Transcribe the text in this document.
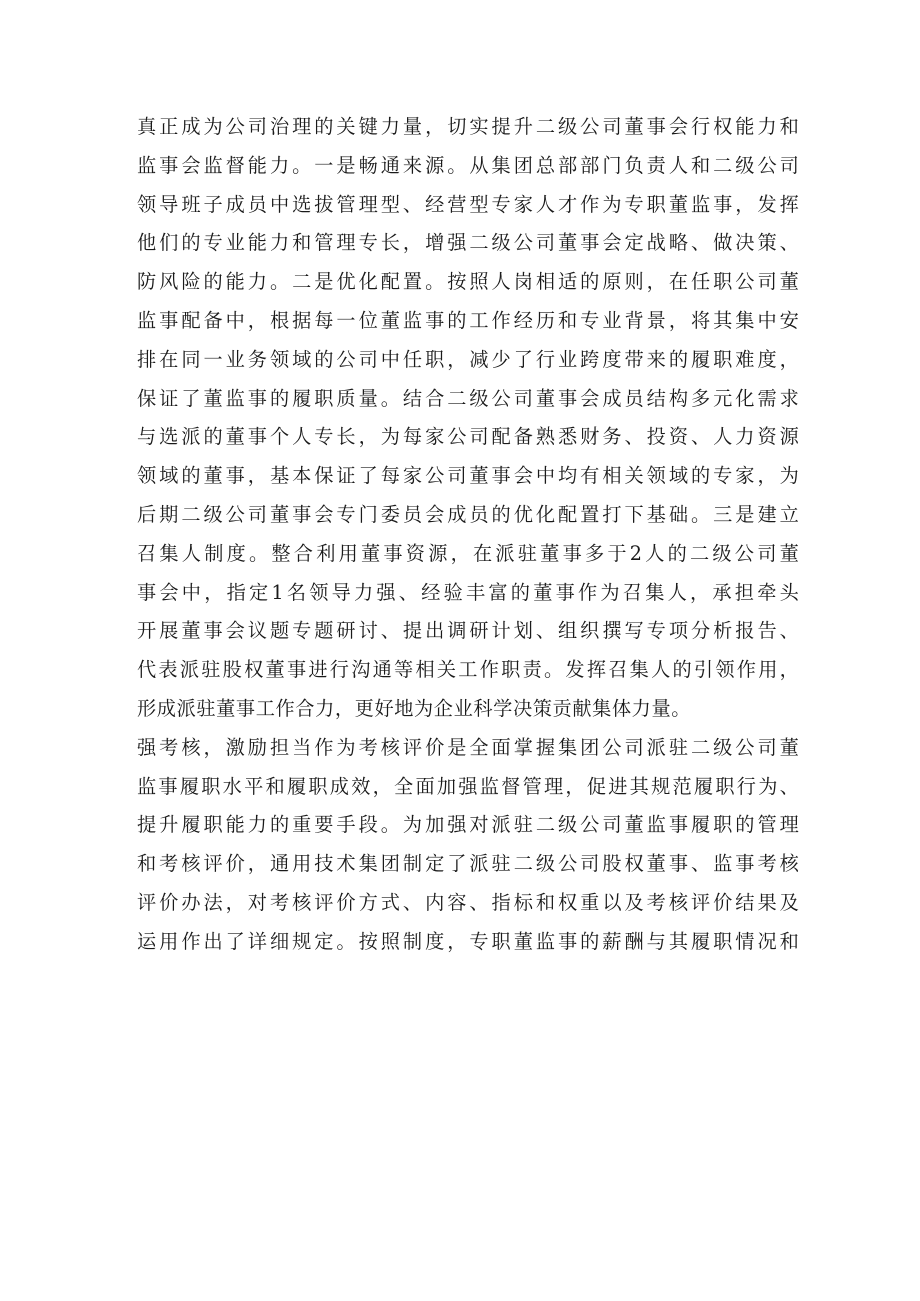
真正成为公司治理的关键力量，切实提升二级公司董事会行权能力和
监事会监督能力。一是畅通来源。从集团总部部门负责人和二级公司
领导班子成员中选拔管理型、经营型专家人才作为专职董监事，发挥
他们的专业能力和管理专长，增强二级公司董事会定战略、做决策、
防风险的能力。二是优化配置。按照人岗相适的原则，在任职公司董
监事配备中，根据每一位董监事的工作经历和专业背景，将其集中安
排在同一业务领域的公司中任职，减少了行业跨度带来的履职难度，
保证了董监事的履职质量。结合二级公司董事会成员结构多元化需求
与选派的董事个人专长，为每家公司配备熟悉财务、投资、人力资源
领域的董事，基本保证了每家公司董事会中均有相关领域的专家，为
后期二级公司董事会专门委员会成员的优化配置打下基础。三是建立
召集人制度。整合利用董事资源，在派驻董事多于2人的二级公司董
事会中，指定1名领导力强、经验丰富的董事作为召集人，承担牵头
开展董事会议题专题研讨、提出调研计划、组织撰写专项分析报告、
代表派驻股权董事进行沟通等相关工作职责。发挥召集人的引领作用，
形成派驻董事工作合力，更好地为企业科学决策贡献集体力量。
强考核，激励担当作为考核评价是全面掌握集团公司派驻二级公司董
监事履职水平和履职成效，全面加强监督管理，促进其规范履职行为、
提升履职能力的重要手段。为加强对派驻二级公司董监事履职的管理
和考核评价，通用技术集团制定了派驻二级公司股权董事、监事考核
评价办法，对考核评价方式、内容、指标和权重以及考核评价结果及
运用作出了详细规定。按照制度，专职董监事的薪酬与其履职情况和
